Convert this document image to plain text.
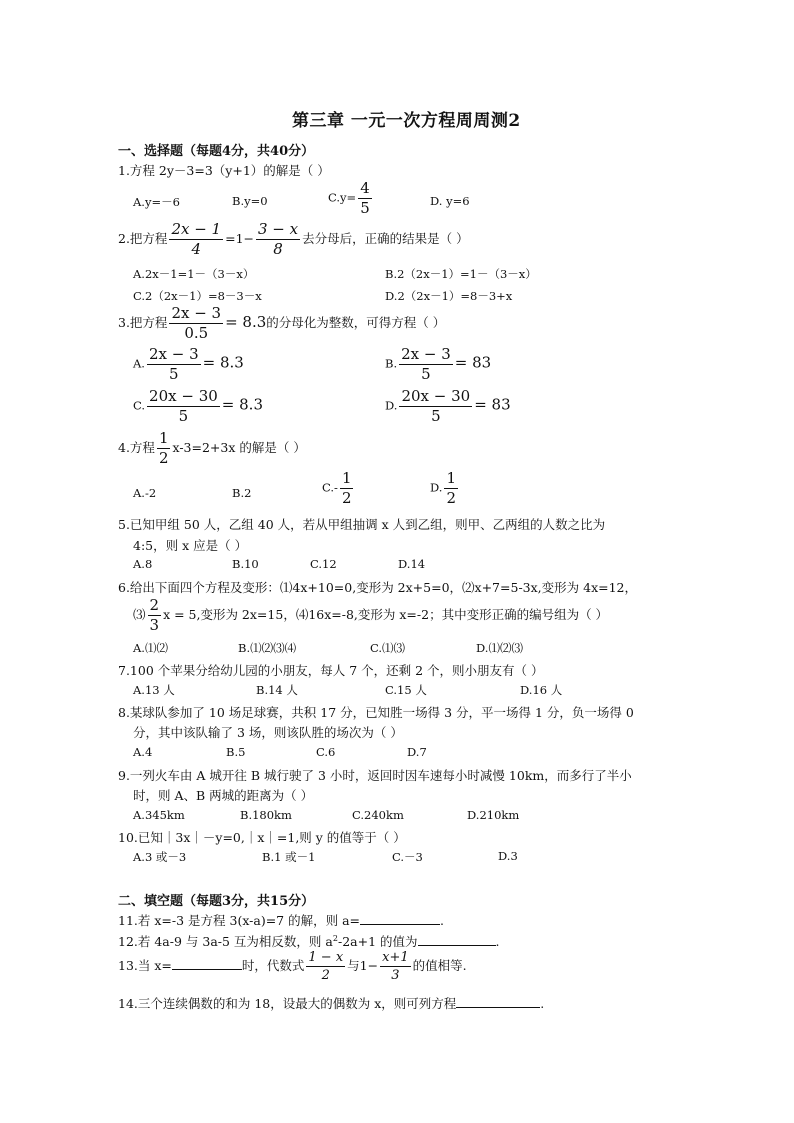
第三章 一元一次方程周周测2
一、选择题（每题4分，共40分）
1.方程 2y－3=3（y+1）的解是（ ）
A.y=－6	B.y=0	$C.y= \frac{4}{5}$	D. y=6
2.把方程 $\frac{2x - 1}{4} =1- \frac{3 - x}{8}$ 去分母后，正确的结果是（ ）
A.2x－1=1－（3－x）	B.2（2x－1）=1－（3－x）
C.2（2x－1）=8－3－x	D.2（2x－1）=8－3+x
3.把方程 $\frac{2x - 3}{0.5} = 8.3$的分母化为整数，可得方程（ ）
A. $\frac{2x - 3}{5} = 8.3$	B. $\frac{2x - 3}{5} = 83$
C. $\frac{20x - 30}{5} = 8.3$	D. $\frac{20x - 30}{5} = 83$
4.方程 $\frac{1}{2} x-3=2+3x$ 的解是（ ）
A.-2	B.2	$C.- \frac{1}{2}$	D. $\frac{1}{2}$
5.已知甲组 50 人，乙组 40 人，若从甲组抽调 x 人到乙组，则甲、乙两组的人数之比为
4:5，则 x 应是（ ）
A.8	B.10	C.12	D.14
6.给出下面四个方程及变形：⑴4x+10=0,变形为 2x+5=0，⑵x+7=5-3x,变形为 4x=12，
⑶ $\frac{2}{3}$ x = 5,变形为 2x=15，⑷16x=-8,变形为 x=-2；其中变形正确的编号组为（ ）
A.⑴⑵	B.⑴⑵⑶⑷	C.⑴⑶	D.⑴⑵⑶
7.100 个苹果分给幼儿园的小朋友，每人 7 个，还剩 2 个，则小朋友有（ ）
A.13 人	B.14 人	C.15 人	D.16 人
8.某球队参加了 10 场足球赛，共积 17 分，已知胜一场得 3 分，平一场得 1 分，负一场得 0
分，其中该队输了 3 场，则该队胜的场次为（ ）
A.4	B.5	C.6	D.7
9.一列火车由 A 城开往 B 城行驶了 3 小时，返回时因车速每小时减慢 10km，而多行了半小
时，则 A、B 两城的距离为（ ）
A.345km	B.180km	C.240km	D.210km
10.已知｜3x｜－y=0,｜x｜=1,则 y 的值等于（ ）
A.3 或－3	B.1 或－1	C.－3	D.3
二、填空题（每题3分，共15分）
11.若 x=-3 是方程 3(x-a)=7 的解，则 a=	.
12.若 4a-9 与 3a-5 互为相反数，则 $a^2-2a+1$ 的值为	.
13.当 x=	时，代数式 $\frac{1 - x}{2}$ 与$1- \frac{x+1}{3}$ 的值相等.
14.三个连续偶数的和为 18，设最大的偶数为 x，则可列方程	.
